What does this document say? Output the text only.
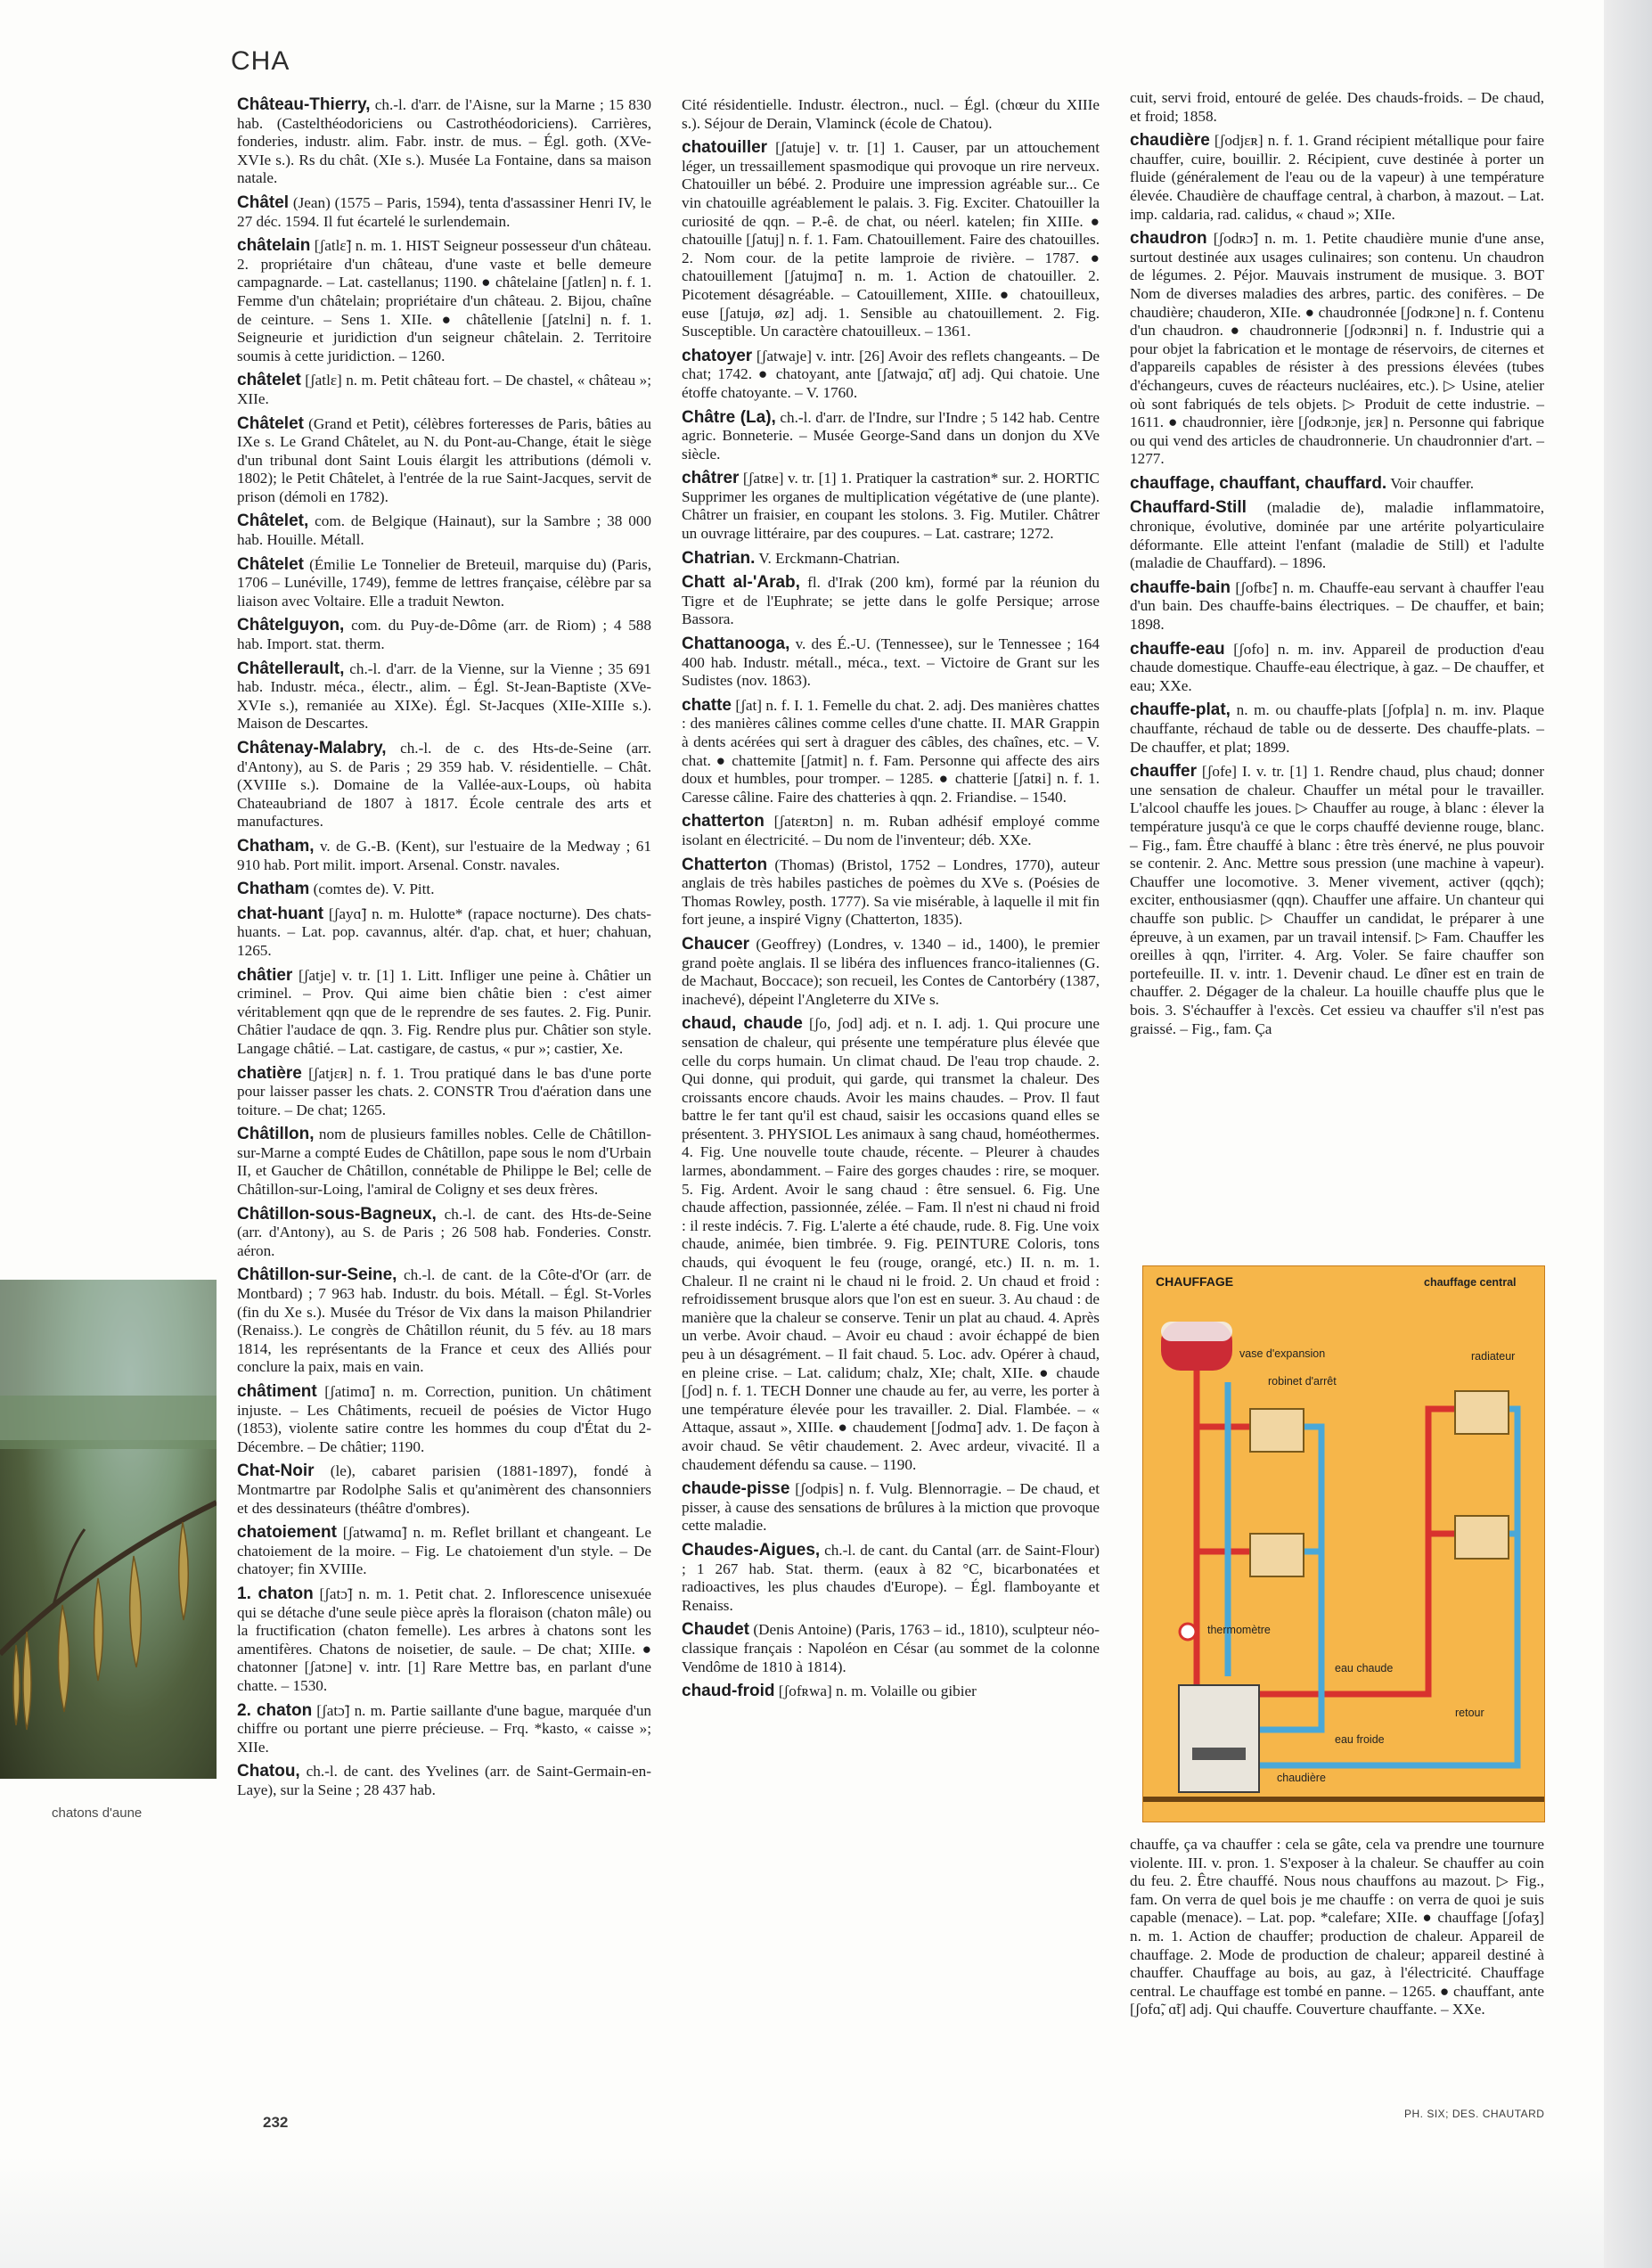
CHA

Château-Thierry, ch.-l. d'arr. de l'Aisne, sur la Marne ; 15 830 hab. (Castelthéodoriciens ou Castrothéodoriciens). Carrières, fonderies, industr. alim. Fabr. instr. de mus. – Égl. goth. (XVe-XVIe s.). Rs du chât. (XIe s.). Musée La Fontaine, dans sa maison natale.

Châtel (Jean) (1575 – Paris, 1594), tenta d'assassiner Henri IV, le 27 déc. 1594. Il fut écartelé le surlendemain.

châtelain [ʃatlɛ̃] n. m. 1. HIST Seigneur possesseur d'un château. 2. propriétaire d'un château, d'une vaste et belle demeure campagnarde. – Lat. castellanus; 1190. ● châtelaine [ʃatlɛn] n. f. 1. Femme d'un châtelain; propriétaire d'un château. 2. Bijou, chaîne de ceinture. – Sens 1. XIIe. ● châtellenie [ʃatɛlni] n. f. 1. Seigneurie et juridiction d'un seigneur châtelain. 2. Territoire soumis à cette juridiction. – 1260.

châtelet [ʃatlɛ] n. m. Petit château fort. – De chastel, « château »; XIIe.

Châtelet (Grand et Petit), célèbres forteresses de Paris, bâties au IXe s. Le Grand Châtelet, au N. du Pont-au-Change, était le siège d'un tribunal dont Saint Louis élargit les attributions (démoli v. 1802); le Petit Châtelet, à l'entrée de la rue Saint-Jacques, servit de prison (démoli en 1782).

Châtelet, com. de Belgique (Hainaut), sur la Sambre ; 38 000 hab. Houille. Métall.

Châtelet (Émilie Le Tonnelier de Breteuil, marquise du) (Paris, 1706 – Lunéville, 1749), femme de lettres française, célèbre par sa liaison avec Voltaire. Elle a traduit Newton.

Châtelguyon, com. du Puy-de-Dôme (arr. de Riom) ; 4 588 hab. Import. stat. therm.

Châtellerault, ch.-l. d'arr. de la Vienne, sur la Vienne ; 35 691 hab. Industr. méca., électr., alim. – Égl. St-Jean-Baptiste (XVe-XVIe s.), remaniée au XIXe). Égl. St-Jacques (XIIe-XIIIe s.). Maison de Descartes.

Châtenay-Malabry, ch.-l. de c. des Hts-de-Seine (arr. d'Antony), au S. de Paris ; 29 359 hab. V. résidentielle. – Chât. (XVIIIe s.). Domaine de la Vallée-aux-Loups, où habita Chateaubriand de 1807 à 1817. École centrale des arts et manufactures.

Chatham, v. de G.-B. (Kent), sur l'estuaire de la Medway ; 61 910 hab. Port milit. import. Arsenal. Constr. navales.

Chatham (comtes de). V. Pitt.

chat-huant [ʃayɑ̃] n. m. Hulotte* (rapace nocturne). Des chats-huants. – Lat. pop. cavannus, altér. d'ap. chat, et huer; chahuan, 1265.

châtier [ʃatje] v. tr. [1] 1. Litt. Infliger une peine à. Châtier un criminel. – Prov. Qui aime bien châtie bien : c'est aimer véritablement qqn que de le reprendre de ses fautes. 2. Fig. Punir. Châtier l'audace de qqn. 3. Fig. Rendre plus pur. Châtier son style. Langage châtié. – Lat. castigare, de castus, « pur »; castier, Xe.

chatière [ʃatjɛʀ] n. f. 1. Trou pratiqué dans le bas d'une porte pour laisser passer les chats. 2. CONSTR Trou d'aération dans une toiture. – De chat; 1265.

Châtillon, nom de plusieurs familles nobles. Celle de Châtillon-sur-Marne a compté Eudes de Châtillon, pape sous le nom d'Urbain II, et Gaucher de Châtillon, connétable de Philippe le Bel; celle de Châtillon-sur-Loing, l'amiral de Coligny et ses deux frères.

Châtillon-sous-Bagneux, ch.-l. de cant. des Hts-de-Seine (arr. d'Antony), au S. de Paris ; 26 508 hab. Fonderies. Constr. aéron.

Châtillon-sur-Seine, ch.-l. de cant. de la Côte-d'Or (arr. de Montbard) ; 7 963 hab. Industr. du bois. Métall. – Égl. St-Vorles (fin du Xe s.). Musée du Trésor de Vix dans la maison Philandrier (Renaiss.). Le congrès de Châtillon réunit, du 5 fév. au 18 mars 1814, les représentants de la France et ceux des Alliés pour conclure la paix, mais en vain.

châtiment [ʃatimɑ̃] n. m. Correction, punition. Un châtiment injuste. – Les Châtiments, recueil de poésies de Victor Hugo (1853), violente satire contre les hommes du coup d'État du 2-Décembre. – De châtier; 1190.

Chat-Noir (le), cabaret parisien (1881-1897), fondé à Montmartre par Rodolphe Salis et qu'animèrent des chansonniers et des dessinateurs (théâtre d'ombres).

chatoiement [ʃatwamɑ̃] n. m. Reflet brillant et changeant. Le chatoiement de la moire. – Fig. Le chatoiement d'un style. – De chatoyer; fin XVIIIe.

1. chaton [ʃatɔ̃] n. m. 1. Petit chat. 2. Inflorescence unisexuée qui se détache d'une seule pièce après la floraison (chaton mâle) ou la fructification (chaton femelle). Les arbres à chatons sont les amentifères. Chatons de noisetier, de saule. – De chat; XIIIe. ● chatonner [ʃatɔne] v. intr. [1] Rare Mettre bas, en parlant d'une chatte. – 1530.

2. chaton [ʃatɔ̃] n. m. Partie saillante d'une bague, marquée d'un chiffre ou portant une pierre précieuse. – Frq. *kasto, « caisse »; XIIe.

Chatou, ch.-l. de cant. des Yvelines (arr. de Saint-Germain-en-Laye), sur la Seine ; 28 437 hab.

Cité résidentielle. Industr. électron., nucl. – Égl. (chœur du XIIIe s.). Séjour de Derain, Vlaminck (école de Chatou).

chatouiller [ʃatuje] v. tr. [1] 1. Causer, par un attouchement léger, un tressaillement spasmodique qui provoque un rire nerveux. Chatouiller un bébé. 2. Produire une impression agréable sur... Ce vin chatouille agréablement le palais. 3. Fig. Exciter. Chatouiller la curiosité de qqn. – P.-ê. de chat, ou néerl. katelen; fin XIIIe. ● chatouille [ʃatuj] n. f. 1. Fam. Chatouillement. Faire des chatouilles. 2. Nom cour. de la petite lamproie de rivière. – 1787. ● chatouillement [ʃatujmɑ̃] n. m. 1. Action de chatouiller. 2. Picotement désagréable. – Catouillement, XIIIe. ● chatouilleux, euse [ʃatujø, øz] adj. 1. Sensible au chatouillement. 2. Fig. Susceptible. Un caractère chatouilleux. – 1361.

chatoyer [ʃatwaje] v. intr. [26] Avoir des reflets changeants. – De chat; 1742. ● chatoyant, ante [ʃatwajɑ̃, ɑ̃t] adj. Qui chatoie. Une étoffe chatoyante. – V. 1760.

Châtre (La), ch.-l. d'arr. de l'Indre, sur l'Indre ; 5 142 hab. Centre agric. Bonneterie. – Musée George-Sand dans un donjon du XVe siècle.

châtrer [ʃatʀe] v. tr. [1] 1. Pratiquer la castration* sur. 2. HORTIC Supprimer les organes de multiplication végétative de (une plante). Châtrer un fraisier, en coupant les stolons. 3. Fig. Mutiler. Châtrer un ouvrage littéraire, par des coupures. – Lat. castrare; 1272.

Chatrian. V. Erckmann-Chatrian.

Chatt al-'Arab, fl. d'Irak (200 km), formé par la réunion du Tigre et de l'Euphrate; se jette dans le golfe Persique; arrose Bassora.

Chattanooga, v. des É.-U. (Tennessee), sur le Tennessee ; 164 400 hab. Industr. métall., méca., text. – Victoire de Grant sur les Sudistes (nov. 1863).

chatte [ʃat] n. f. I. 1. Femelle du chat. 2. adj. Des manières chattes : des manières câlines comme celles d'une chatte. II. MAR Grappin à dents acérées qui sert à draguer des câbles, des chaînes, etc. – V. chat. ● chattemite [ʃatmit] n. f. Fam. Personne qui affecte des airs doux et humbles, pour tromper. – 1285. ● chatterie [ʃatʀi] n. f. 1. Caresse câline. Faire des chatteries à qqn. 2. Friandise. – 1540.

chatterton [ʃatɛʀtɔn] n. m. Ruban adhésif employé comme isolant en électricité. – Du nom de l'inventeur; déb. XXe.

Chatterton (Thomas) (Bristol, 1752 – Londres, 1770), auteur anglais de très habiles pastiches de poèmes du XVe s. (Poésies de Thomas Rowley, posth. 1777). Sa vie misérable, à laquelle il mit fin fort jeune, a inspiré Vigny (Chatterton, 1835).

Chaucer (Geoffrey) (Londres, v. 1340 – id., 1400), le premier grand poète anglais. Il se libéra des influences franco-italiennes (G. de Machaut, Boccace); son recueil, les Contes de Cantorbéry (1387, inachevé), dépeint l'Angleterre du XIVe s.

chaud, chaude [ʃo, ʃod] adj. et n. I. adj. 1. Qui procure une sensation de chaleur, qui présente une température plus élevée que celle du corps humain. Un climat chaud. De l'eau trop chaude. 2. Qui donne, qui produit, qui garde, qui transmet la chaleur. Des croissants encore chauds. Avoir les mains chaudes. – Prov. Il faut battre le fer tant qu'il est chaud, saisir les occasions quand elles se présentent. 3. PHYSIOL Les animaux à sang chaud, homéothermes. 4. Fig. Une nouvelle toute chaude, récente. – Pleurer à chaudes larmes, abondamment. – Faire des gorges chaudes : rire, se moquer. 5. Fig. Ardent. Avoir le sang chaud : être sensuel. 6. Fig. Une chaude affection, passionnée, zélée. – Fam. Il n'est ni chaud ni froid : il reste indécis. 7. Fig. L'alerte a été chaude, rude. 8. Fig. Une voix chaude, animée, bien timbrée. 9. Fig. PEINTURE Coloris, tons chauds, qui évoquent le feu (rouge, orangé, etc.) II. n. m. 1. Chaleur. Il ne craint ni le chaud ni le froid. 2. Un chaud et froid : refroidissement brusque alors que l'on est en sueur. 3. Au chaud : de manière que la chaleur se conserve. Tenir un plat au chaud. 4. Après un verbe. Avoir chaud. – Avoir eu chaud : avoir échappé de bien peu à un désagrément. – Il fait chaud. 5. Loc. adv. Opérer à chaud, en pleine crise. – Lat. calidum; chalz, XIe; chalt, XIIe. ● chaude [ʃod] n. f. 1. TECH Donner une chaude au fer, au verre, les porter à une température élevée pour les travailler. 2. Dial. Flambée. – « Attaque, assaut », XIIIe. ● chaudement [ʃodmɑ̃] adv. 1. De façon à avoir chaud. Se vêtir chaudement. 2. Avec ardeur, vivacité. Il a chaudement défendu sa cause. – 1190.

chaude-pisse [ʃodpis] n. f. Vulg. Blennorragie. – De chaud, et pisser, à cause des sensations de brûlures à la miction que provoque cette maladie.

Chaudes-Aigues, ch.-l. de cant. du Cantal (arr. de Saint-Flour) ; 1 267 hab. Stat. therm. (eaux à 82 °C, bicarbonatées et radioactives, les plus chaudes d'Europe). – Égl. flamboyante et Renaiss.

Chaudet (Denis Antoine) (Paris, 1763 – id., 1810), sculpteur néo-classique français : Napoléon en César (au sommet de la colonne Vendôme de 1810 à 1814).

chaud-froid [ʃofʀwa] n. m. Volaille ou gibier

cuit, servi froid, entouré de gelée. Des chauds-froids. – De chaud, et froid; 1858.

chaudière [ʃodjɛʀ] n. f. 1. Grand récipient métallique pour faire chauffer, cuire, bouillir. 2. Récipient, cuve destinée à porter un fluide (généralement de l'eau ou de la vapeur) à une température élevée. Chaudière de chauffage central, à charbon, à mazout. – Lat. imp. caldaria, rad. calidus, « chaud »; XIIe.

chaudron [ʃodʀɔ̃] n. m. 1. Petite chaudière munie d'une anse, surtout destinée aux usages culinaires; son contenu. Un chaudron de légumes. 2. Péjor. Mauvais instrument de musique. 3. BOT Nom de diverses maladies des arbres, partic. des conifères. – De chaudière; chauderon, XIIe. ● chaudronnée [ʃodʀɔne] n. f. Contenu d'un chaudron. ● chaudronnerie [ʃodʀɔnʀi] n. f. Industrie qui a pour objet la fabrication et le montage de réservoirs, de citernes et d'appareils capables de résister à des pressions élevées (tubes d'échangeurs, cuves de réacteurs nucléaires, etc.). ▷ Usine, atelier où sont fabriqués de tels objets. ▷ Produit de cette industrie. – 1611. ● chaudronnier, ière [ʃodʀɔnje, jɛʀ] n. Personne qui fabrique ou qui vend des articles de chaudronnerie. Un chaudronnier d'art. – 1277.

chauffage, chauffant, chauffard. Voir chauffer.

Chauffard-Still (maladie de), maladie inflammatoire, chronique, évolutive, dominée par une artérite polyarticulaire déformante. Elle atteint l'enfant (maladie de Still) et l'adulte (maladie de Chauffard). – 1896.

chauffe-bain [ʃofbɛ̃] n. m. Chauffe-eau servant à chauffer l'eau d'un bain. Des chauffe-bains électriques. – De chauffer, et bain; 1898.

chauffe-eau [ʃofo] n. m. inv. Appareil de production d'eau chaude domestique. Chauffe-eau électrique, à gaz. – De chauffer, et eau; XXe.

chauffe-plat, n. m. ou chauffe-plats [ʃofpla] n. m. inv. Plaque chauffante, réchaud de table ou de desserte. Des chauffe-plats. – De chauffer, et plat; 1899.

chauffer [ʃofe] I. v. tr. [1] 1. Rendre chaud, plus chaud; donner une sensation de chaleur. Chauffer un métal pour le travailler. L'alcool chauffe les joues. ▷ Chauffer au rouge, à blanc : élever la température jusqu'à ce que le corps chauffé devienne rouge, blanc. – Fig., fam. Être chauffé à blanc : être très énervé, ne plus pouvoir se contenir. 2. Anc. Mettre sous pression (une machine à vapeur). Chauffer une locomotive. 3. Mener vivement, activer (qqch); exciter, enthousiasmer (qqn). Chauffer une affaire. Un chanteur qui chauffe son public. ▷ Chauffer un candidat, le préparer à une épreuve, à un examen, par un travail intensif. ▷ Fam. Chauffer les oreilles à qqn, l'irriter. 4. Arg. Voler. Se faire chauffer son portefeuille. II. v. intr. 1. Devenir chaud. Le dîner est en train de chauffer. 2. Dégager de la chaleur. La houille chauffe plus que le bois. 3. S'échauffer à l'excès. Cet essieu va chauffer s'il n'est pas graissé. – Fig., fam. Ça

chatons d'aune
CHAUFFAGE	chauffage central
vase d'expansion
robinet d'arrêt
radiateur
thermomètre
eau chaude
retour
eau froide
chaudière
chauffe, ça va chauffer : cela se gâte, cela va prendre une tournure violente. III. v. pron. 1. S'exposer à la chaleur. Se chauffer au coin du feu. 2. Être chauffé. Nous nous chauffons au mazout. ▷ Fig., fam. On verra de quel bois je me chauffe : on verra de quoi je suis capable (menace). – Lat. pop. *calefare; XIIe. ● chauffage [ʃofaʒ] n. m. 1. Action de chauffer; production de chaleur. Appareil de chauffage. 2. Mode de production de chaleur; appareil destiné à chauffer. Chauffage au bois, au gaz, à l'électricité. Chauffage central. Le chauffage est tombé en panne. – 1265. ● chauffant, ante [ʃofɑ̃, ɑ̃t] adj. Qui chauffe. Couverture chauffante. – XXe.
232	PH. SIX; DES. CHAUTARD
